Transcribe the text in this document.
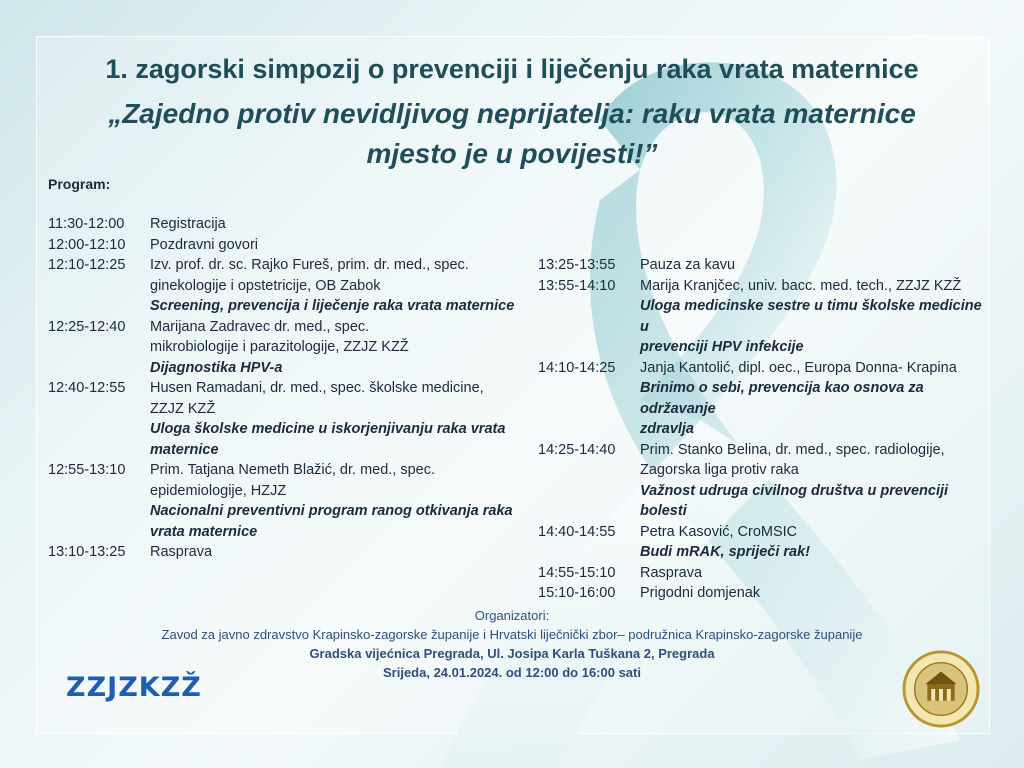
1. zagorski simpozij o prevenciji i liječenju raka vrata maternice
„Zajedno protiv nevidljivog neprijatelja: raku vrata maternice
mjesto je u povijesti!”
Program:
11:30-12:00	Registracija
12:00-12:10	Pozdravni govori
12:10-12:25	Izv. prof. dr. sc. Rajko Fureš, prim. dr. med., spec.
ginekologije i opstetricije, OB Zabok
Screening, prevencija i liječenje raka vrata maternice
12:25-12:40	Marijana Zadravec dr. med., spec.
mikrobiologije i parazitologije, ZZJZ KZŽ
Dijagnostika HPV-a
12:40-12:55	Husen Ramadani, dr. med., spec. školske medicine,
ZZJZ KZŽ
Uloga školske medicine u iskorjenjivanju raka vrata
maternice
12:55-13:10	Prim. Tatjana Nemeth Blažić, dr. med., spec.
epidemiologije, HZJZ
Nacionalni preventivni program ranog otkivanja raka
vrata maternice
13:10-13:25	Rasprava
13:25-13:55	Pauza za kavu
13:55-14:10	Marija Kranjčec, univ. bacc. med. tech., ZZJZ KZŽ
Uloga medicinske sestre u timu školske medicine u
prevenciji HPV infekcije
14:10-14:25	Janja Kantolić, dipl. oec., Europa Donna- Krapina
Brinimo o sebi, prevencija kao osnova za održavanje
zdravlja
14:25-14:40	Prim. Stanko Belina, dr. med., spec. radiologije,
Zagorska liga protiv raka
Važnost udruga civilnog društva u prevenciji bolesti
14:40-14:55	Petra Kasović, CroMSIC
Budi mRAK, spriječi rak!
14:55-15:10	Rasprava
15:10-16:00	Prigodni domjenak
Organizatori:
Zavod za javno zdravstvo Krapinsko-zagorske županije i Hrvatski liječnički zbor– podružnica Krapinsko-zagorske županije
Gradska vijećnica Pregrada, Ul. Josipa Karla Tuškana 2, Pregrada
Srijeda, 24.01.2024. od 12:00 do 16:00 sati
ZZJZKZŽ
